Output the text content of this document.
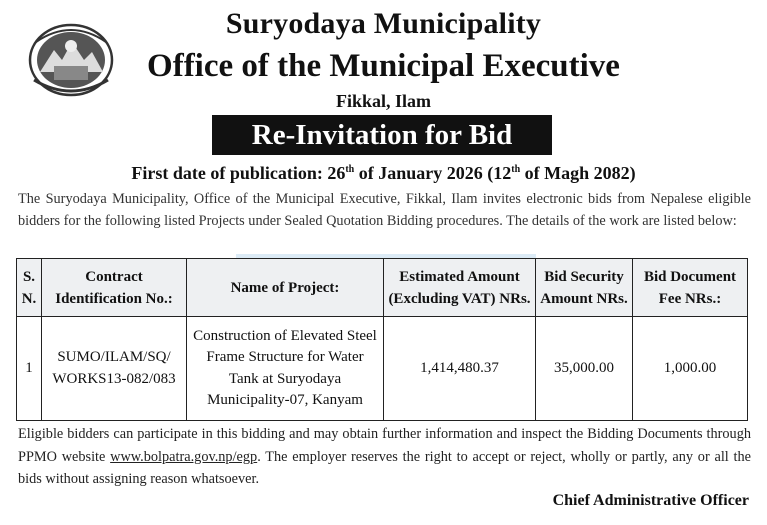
Suryodaya Municipality
Office of the Municipal Executive
Fikkal, Ilam
Re-Invitation for Bid
First date of publication: 26th of January 2026 (12th of Magh 2082)
The Suryodaya Municipality, Office of the Municipal Executive, Fikkal, Ilam invites electronic bids from Nepalese eligible bidders for the following listed Projects under Sealed Quotation Bidding procedures. The details of the work are listed below:
S. N.	Contract Identification No.:	Name of Project:	Estimated Amount (Excluding VAT) NRs.	Bid Security Amount NRs.	Bid Document Fee NRs.:
1	SUMO/ILAM/SQ/ WORKS13-082/083	Construction of Elevated Steel Frame Structure for Water Tank at Suryodaya Municipality-07, Kanyam	1,414,480.37	35,000.00	1,000.00
Eligible bidders can participate in this bidding and may obtain further information and inspect the Bidding Documents through PPMO website www.bolpatra.gov.np/egp. The employer reserves the right to accept or reject, wholly or partly, any or all the bids without assigning reason whatsoever.
Chief Administrative Officer
